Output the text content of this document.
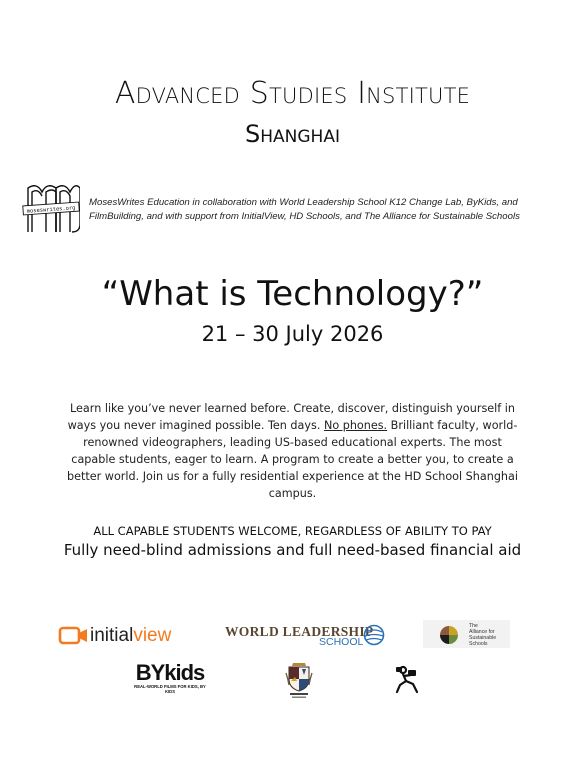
Advanced Studies Institute
Shanghai
moseswrites.org
MosesWrites Education in collaboration with World Leadership School K12 Change Lab, ByKids, and
FilmBuilding, and with support from InitialView, HD Schools, and The Alliance for Sustainable Schools
“What is Technology?”
21 – 30 July 2026
Learn like you’ve never learned before. Create, discover, distinguish yourself in ways you never imagined possible. Ten days. No phones. Brilliant faculty, world-renowned videographers, leading US-based educational experts. The most capable students, eager to learn. A program to create a better you, to create a better world. Join us for a fully residential experience at the HD School Shanghai campus.
ALL CAPABLE STUDENTS WELCOME, REGARDLESS OF ABILITY TO PAY
Fully need-blind admissions and full need-based financial aid
initialview	WORLD LEADERSHIP
SCHOOL
The
Alliance for
Sustainable
Schools
BYkids
REAL-WORLD FILMS FOR KIDS, BY KIDS
